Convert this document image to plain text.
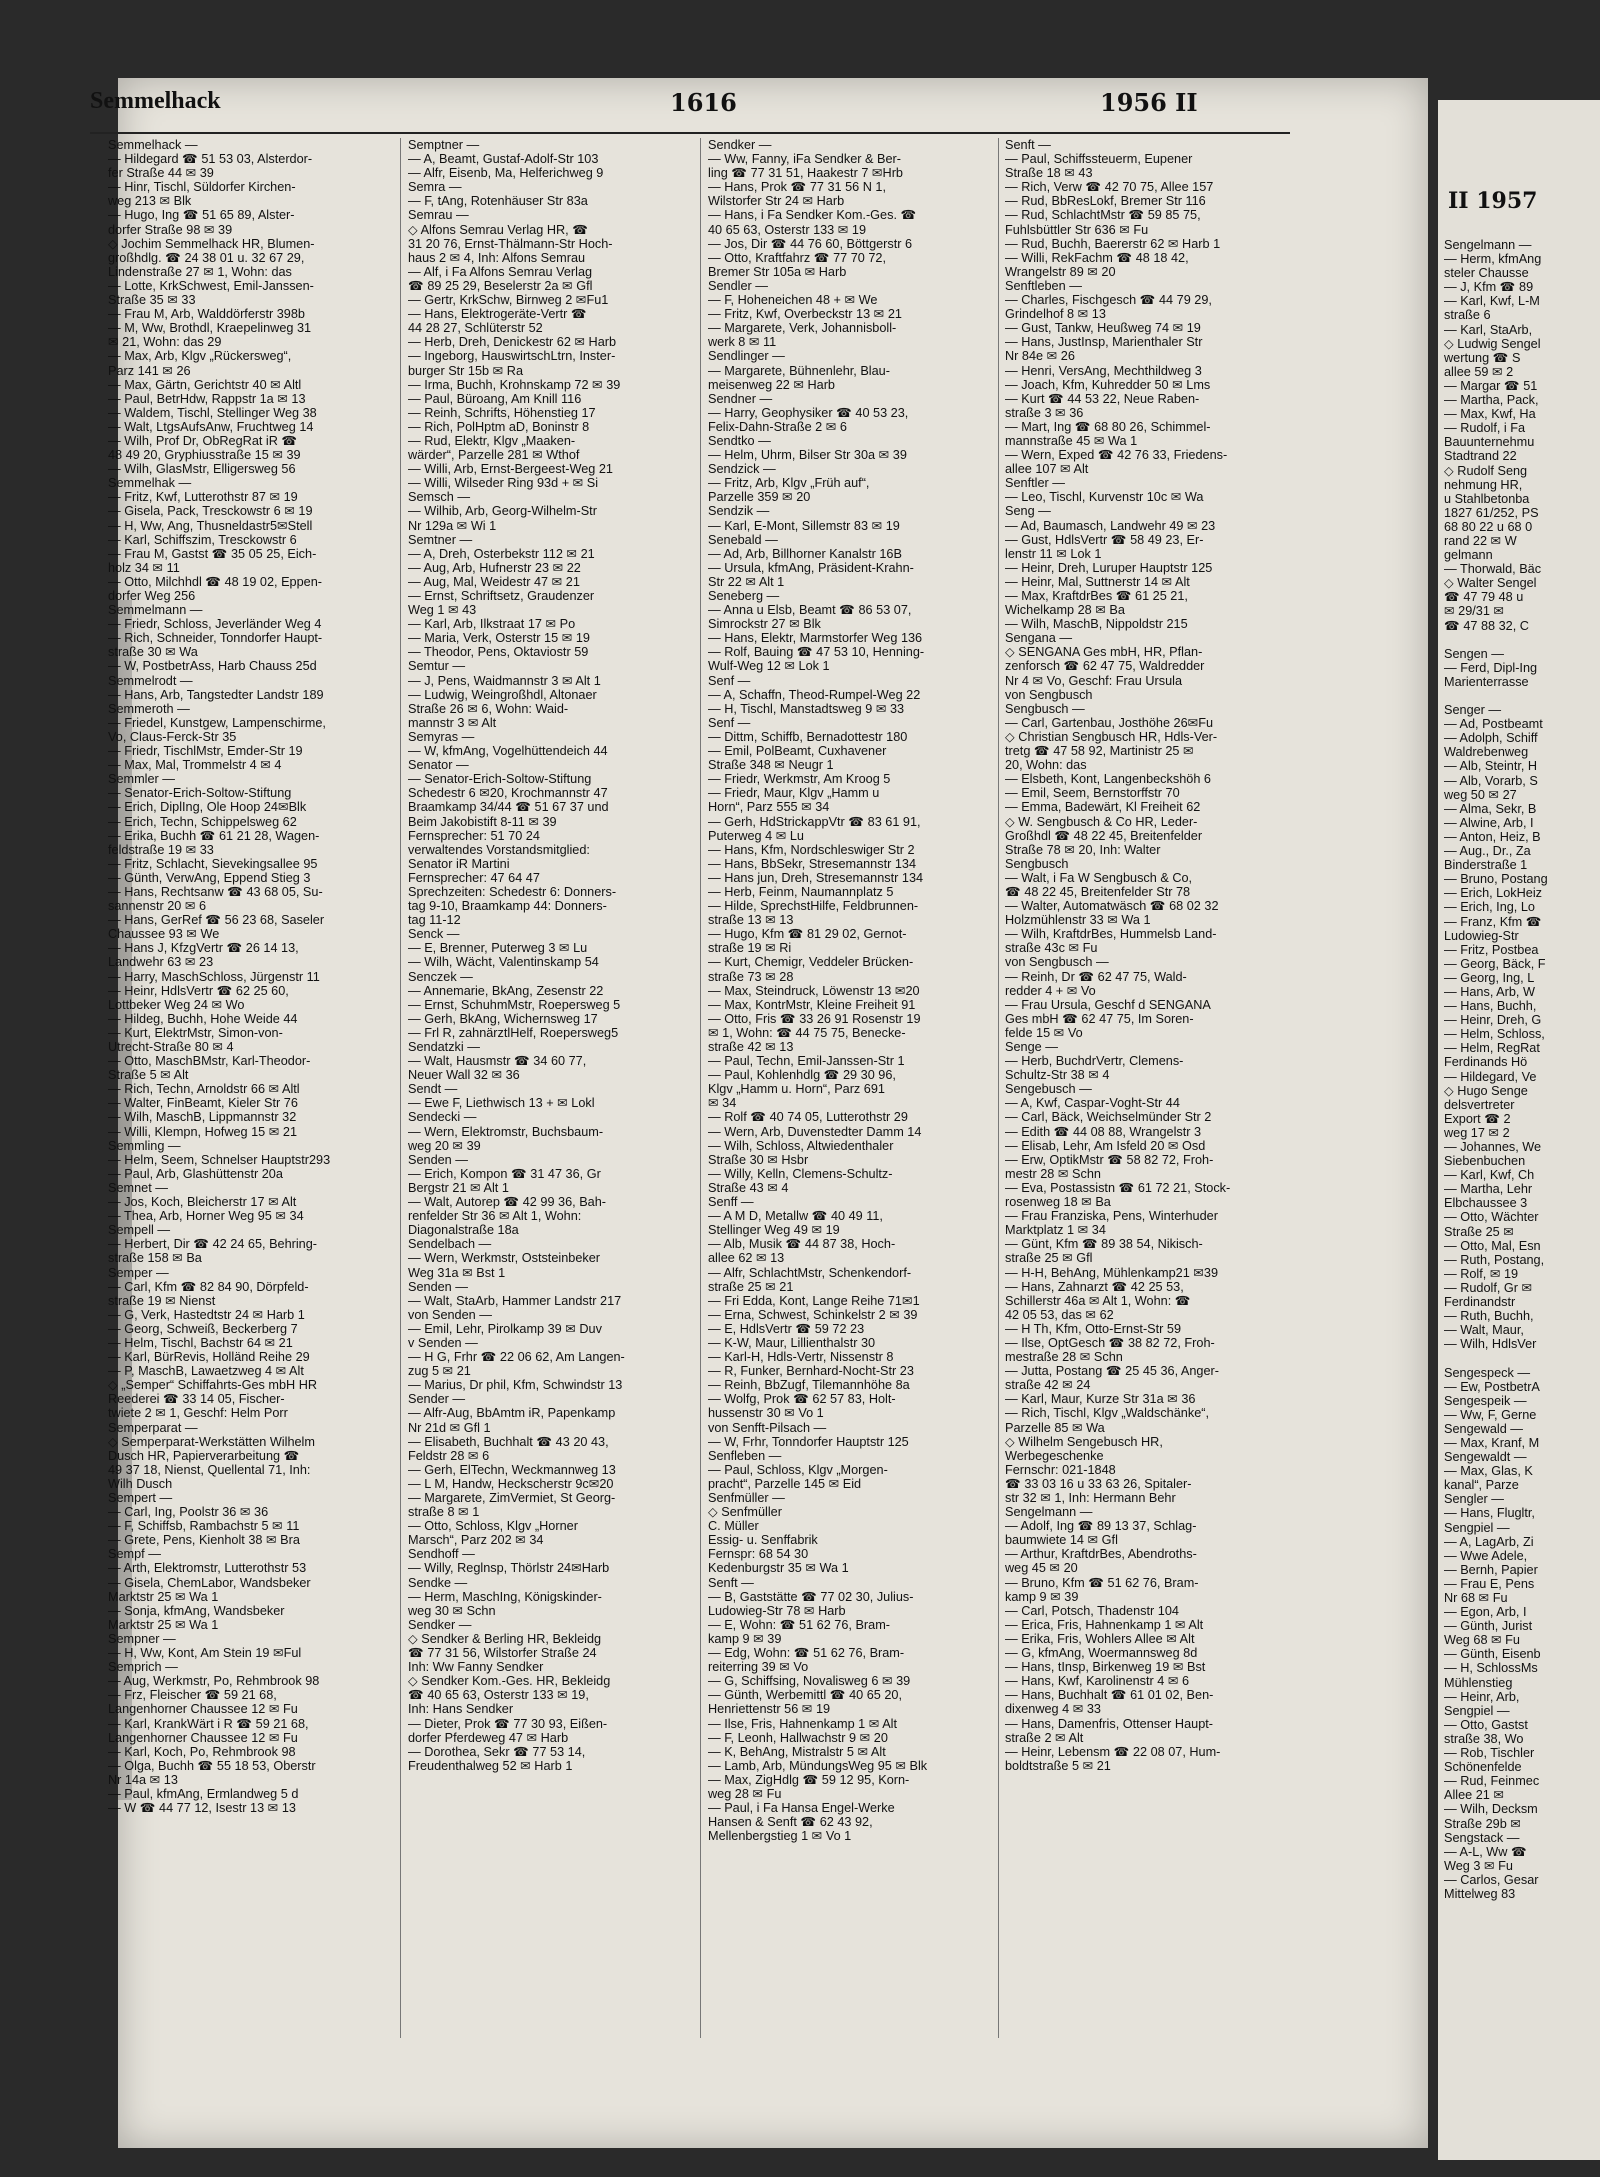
Semmelhack	1616	1956 II
Semmelhack —
— Hildegard ☎ 51 53 03, Alsterdor-
fer Straße 44 ✉ 39
— Hinr, Tischl, Süldorfer Kirchen-
weg 213 ✉ Blk
— Hugo, Ing ☎ 51 65 89, Alster-
dorfer Straße 98 ✉ 39
◇ Jochim Semmelhack HR, Blumen-
großhdlg. ☎ 24 38 01 u. 32 67 29,
Lindenstraße 27 ✉ 1, Wohn: das
— Lotte, KrkSchwest, Emil-Janssen-
Straße 35 ✉ 33
— Frau M, Arb, Walddörferstr 398b
— M, Ww, Brothdl, Kraepelinweg 31
✉ 21, Wohn: das 29
— Max, Arb, Klgv „Rückersweg“,
Parz 141 ✉ 26
— Max, Gärtn, Gerichtstr 40 ✉ Altl
— Paul, BetrHdw, Rappstr 1a ✉ 13
— Waldem, Tischl, Stellinger Weg 38
— Walt, LtgsAufsAnw, Fruchtweg 14
— Wilh, Prof Dr, ObRegRat iR ☎
48 49 20, Gryphiusstraße 15 ✉ 39
— Wilh, GlasMstr, Elligersweg 56
Semmelhak —
— Fritz, Kwf, Lutterothstr 87 ✉ 19
— Gisela, Pack, Tresckowstr 6 ✉ 19
— H, Ww, Ang, Thusneldastr5✉Stell
— Karl, Schiffszim, Tresckowstr 6
— Frau M, Gastst ☎ 35 05 25, Eich-
holz 34 ✉ 11
— Otto, Milchhdl ☎ 48 19 02, Eppen-
dorfer Weg 256
Semmelmann —
— Friedr, Schloss, Jeverländer Weg 4
— Rich, Schneider, Tonndorfer Haupt-
straße 30 ✉ Wa
— W, PostbetrAss, Harb Chauss 25d
Semmelrodt —
— Hans, Arb, Tangstedter Landstr 189
Semmeroth —
— Friedel, Kunstgew, Lampenschirme,
Vo, Claus-Ferck-Str 35
— Friedr, TischlMstr, Emder-Str 19
— Max, Mal, Trommelstr 4 ✉ 4
Semmler —
— Senator-Erich-Soltow-Stiftung
— Erich, DiplIng, Ole Hoop 24✉Blk
— Erich, Techn, Schippelsweg 62
— Erika, Buchh ☎ 61 21 28, Wagen-
feldstraße 19 ✉ 33
— Fritz, Schlacht, Sievekingsallee 95
— Günth, VerwAng, Eppend Stieg 3
— Hans, Rechtsanw ☎ 43 68 05, Su-
sannenstr 20 ✉ 6
— Hans, GerRef ☎ 56 23 68, Saseler
Chaussee 93 ✉ We
— Hans J, KfzgVertr ☎ 26 14 13,
Landwehr 63 ✉ 23
— Harry, MaschSchloss, Jürgenstr 11
— Heinr, HdlsVertr ☎ 62 25 60,
Lottbeker Weg 24 ✉ Wo
— Hildeg, Buchh, Hohe Weide 44
— Kurt, ElektrMstr, Simon-von-
Utrecht-Straße 80 ✉ 4
— Otto, MaschBMstr, Karl-Theodor-
Straße 5 ✉ Alt
— Rich, Techn, Arnoldstr 66 ✉ Altl
— Walter, FinBeamt, Kieler Str 76
— Wilh, MaschB, Lippmannstr 32
— Willi, Klempn, Hofweg 15 ✉ 21
Semmling —
— Helm, Seem, Schnelser Hauptstr293
— Paul, Arb, Glashüttenstr 20a
Semnet —
— Jos, Koch, Bleicherstr 17 ✉ Alt
— Thea, Arb, Horner Weg 95 ✉ 34
Sempell —
— Herbert, Dir ☎ 42 24 65, Behring-
straße 158 ✉ Ba
Semper —
— Carl, Kfm ☎ 82 84 90, Dörpfeld-
straße 19 ✉ Nienst
— G, Verk, Hastedtstr 24 ✉ Harb 1
— Georg, Schweiß, Beckerberg 7
— Helm, Tischl, Bachstr 64 ✉ 21
— Karl, BürRevis, Holländ Reihe 29
— P, MaschB, Lawaetzweg 4 ✉ Alt
◇ „Semper“ Schiffahrts-Ges mbH HR
Reederei ☎ 33 14 05, Fischer-
twiete 2 ✉ 1, Geschf: Helm Porr
Semperparat —
◇ Semperparat-Werkstätten Wilhelm
Dusch HR, Papierverarbeitung ☎
49 37 18, Nienst, Quellental 71, Inh:
Wilh Dusch
Sempert —
— Carl, Ing, Poolstr 36 ✉ 36
— F, Schiffsb, Rambachstr 5 ✉ 11
— Grete, Pens, Kienholt 38 ✉ Bra
Sempf —
— Arth, Elektromstr, Lutterothstr 53
— Gisela, ChemLabor, Wandsbeker
Marktstr 25 ✉ Wa 1
— Sonja, kfmAng, Wandsbeker
Marktstr 25 ✉ Wa 1
Sempner —
— H, Ww, Kont, Am Stein 19 ✉Ful
Semprich —
— Aug, Werkmstr, Po, Rehmbrook 98
— Frz, Fleischer ☎ 59 21 68,
Langenhorner Chaussee 12 ✉ Fu
— Karl, KrankWärt i R ☎ 59 21 68,
Langenhorner Chaussee 12 ✉ Fu
— Karl, Koch, Po, Rehmbrook 98
— Olga, Buchh ☎ 55 18 53, Oberstr
Nr 14a ✉ 13
— Paul, kfmAng, Ermlandweg 5 d
— W ☎ 44 77 12, Isestr 13 ✉ 13
Semptner —
— A, Beamt, Gustaf-Adolf-Str 103
— Alfr, Eisenb, Ma, Helferichweg 9
Semra —
— F, tAng, Rotenhäuser Str 83a
Semrau —
◇ Alfons Semrau Verlag HR, ☎
31 20 76, Ernst-Thälmann-Str Hoch-
haus 2 ✉ 4, Inh: Alfons Semrau
— Alf, i Fa Alfons Semrau Verlag
☎ 89 25 29, Beselerstr 2a ✉ Gfl
— Gertr, KrkSchw, Birnweg 2 ✉Fu1
— Hans, Elektrogeräte-Vertr ☎
44 28 27, Schlüterstr 52
— Herb, Dreh, Denickestr 62 ✉ Harb
— Ingeborg, HauswirtschLtrn, Inster-
burger Str 15b ✉ Ra
— Irma, Buchh, Krohnskamp 72 ✉ 39
— Paul, Büroang, Am Knill 116
— Reinh, Schrifts, Höhenstieg 17
— Rich, PolHptm aD, Boninstr 8
— Rud, Elektr, Klgv „Maaken-
wärder“, Parzelle 281 ✉ Wthof
— Willi, Arb, Ernst-Bergeest-Weg 21
— Willi, Wilseder Ring 93d + ✉ Si
Semsch —
— Wilhib, Arb, Georg-Wilhelm-Str
Nr 129a ✉ Wi 1
Semtner —
— A, Dreh, Osterbekstr 112 ✉ 21
— Aug, Arb, Hufnerstr 23 ✉ 22
— Aug, Mal, Weidestr 47 ✉ 21
— Ernst, Schriftsetz, Graudenzer
Weg 1 ✉ 43
— Karl, Arb, Ilkstraat 17 ✉ Po
— Maria, Verk, Osterstr 15 ✉ 19
— Theodor, Pens, Oktaviostr 59
Semtur —
— J, Pens, Waidmannstr 3 ✉ Alt 1
— Ludwig, Weingroßhdl, Altonaer
Straße 26 ✉ 6, Wohn: Waid-
mannstr 3 ✉ Alt
Semyras —
— W, kfmAng, Vogelhüttendeich 44
Senator —
— Senator-Erich-Soltow-Stiftung
Schedestr 6 ✉20, Krochmannstr 47
Braamkamp 34/44 ☎ 51 67 37 und
Beim Jakobistift 8-11 ✉ 39
Fernsprecher: 51 70 24
verwaltendes Vorstandsmitglied:
Senator iR Martini
Fernsprecher: 47 64 47
Sprechzeiten: Schedestr 6: Donners-
tag 9-10, Braamkamp 44: Donners-
tag 11-12
Senck —
— E, Brenner, Puterweg 3 ✉ Lu
— Wilh, Wächt, Valentinskamp 54
Senczek —
— Annemarie, BkAng, Zesenstr 22
— Ernst, SchuhmMstr, Roepersweg 5
— Gerh, BkAng, Wichernsweg 17
— Frl R, zahnärztlHelf, Roepersweg5
Sendatzki —
— Walt, Hausmstr ☎ 34 60 77,
Neuer Wall 32 ✉ 36
Sendt —
— Ewe F, Liethwisch 13 + ✉ Lokl
Sendecki —
— Wern, Elektromstr, Buchsbaum-
weg 20 ✉ 39
Senden —
— Erich, Kompon ☎ 31 47 36, Gr
Bergstr 21 ✉ Alt 1
— Walt, Autorep ☎ 42 99 36, Bah-
renfelder Str 36 ✉ Alt 1, Wohn:
Diagonalstraße 18a
Sendelbach —
— Wern, Werkmstr, Oststeinbeker
Weg 31a ✉ Bst 1
Senden —
— Walt, StaArb, Hammer Landstr 217
von Senden —
— Emil, Lehr, Pirolkamp 39 ✉ Duv
v Senden —
— H G, Frhr ☎ 22 06 62, Am Langen-
zug 5 ✉ 21
— Marius, Dr phil, Kfm, Schwindstr 13
Sender —
— Alfr-Aug, BbAmtm iR, Papenkamp
Nr 21d ✉ Gfl 1
— Elisabeth, Buchhalt ☎ 43 20 43,
Feldstr 28 ✉ 6
— Gerh, ElTechn, Weckmannweg 13
— L M, Handw, Heckscherstr 9c✉20
— Margarete, ZimVermiet, St Georg-
straße 8 ✉ 1
— Otto, Schloss, Klgv „Horner
Marsch“, Parz 202 ✉ 34
Sendhoff —
— Willy, Reglnsp, Thörlstr 24✉Harb
Sendke —
— Herm, MaschIng, Königskinder-
weg 30 ✉ Schn
Sendker —
◇ Sendker & Berling HR, Bekleidg
☎ 77 31 56, Wilstorfer Straße 24
Inh: Ww Fanny Sendker
◇ Sendker Kom.-Ges. HR, Bekleidg
☎ 40 65 63, Osterstr 133 ✉ 19,
Inh: Hans Sendker
— Dieter, Prok ☎ 77 30 93, Eißen-
dorfer Pferdeweg 47 ✉ Harb
— Dorothea, Sekr ☎ 77 53 14,
Freudenthalweg 52 ✉ Harb 1
Sendker —
— Ww, Fanny, iFa Sendker & Ber-
ling ☎ 77 31 51, Haakestr 7 ✉Hrb
— Hans, Prok ☎ 77 31 56 N 1,
Wilstorfer Str 24 ✉ Harb
— Hans, i Fa Sendker Kom.-Ges. ☎
40 65 63, Osterstr 133 ✉ 19
— Jos, Dir ☎ 44 76 60, Böttgerstr 6
— Otto, Kraftfahrz ☎ 77 70 72,
Bremer Str 105a ✉ Harb
Sendler —
— F, Hoheneichen 48 + ✉ We
— Fritz, Kwf, Overbeckstr 13 ✉ 21
— Margarete, Verk, Johannisboll-
werk 8 ✉ 11
Sendlinger —
— Margarete, Bühnenlehr, Blau-
meisenweg 22 ✉ Harb
Sendner —
— Harry, Geophysiker ☎ 40 53 23,
Felix-Dahn-Straße 2 ✉ 6
Sendtko —
— Helm, Uhrm, Bilser Str 30a ✉ 39
Sendzick —
— Fritz, Arb, Klgv „Früh auf“,
Parzelle 359 ✉ 20
Sendzik —
— Karl, E-Mont, Sillemstr 83 ✉ 19
Senebald —
— Ad, Arb, Billhorner Kanalstr 16B
— Ursula, kfmAng, Präsident-Krahn-
Str 22 ✉ Alt 1
Seneberg —
— Anna u Elsb, Beamt ☎ 86 53 07,
Simrockstr 27 ✉ Blk
— Hans, Elektr, Marmstorfer Weg 136
— Rolf, Bauing ☎ 47 53 10, Henning-
Wulf-Weg 12 ✉ Lok 1
Senf —
— A, Schaffn, Theod-Rumpel-Weg 22
— H, Tischl, Manstadtsweg 9 ✉ 33
Senf —
— Dittm, Schiffb, Bernadottestr 180
— Emil, PolBeamt, Cuxhavener
Straße 348 ✉ Neugr 1
— Friedr, Werkmstr, Am Kroog 5
— Friedr, Maur, Klgv „Hamm u
Horn“, Parz 555 ✉ 34
— Gerh, HdStrickappVtr ☎ 83 61 91,
Puterweg 4 ✉ Lu
— Hans, Kfm, Nordschleswiger Str 2
— Hans, BbSekr, Stresemannstr 134
— Hans jun, Dreh, Stresemannstr 134
— Herb, Feinm, Naumannplatz 5
— Hilde, SprechstHilfe, Feldbrunnen-
straße 13 ✉ 13
— Hugo, Kfm ☎ 81 29 02, Gernot-
straße 19 ✉ Ri
— Kurt, Chemigr, Veddeler Brücken-
straße 73 ✉ 28
— Max, Steindruck, Löwenstr 13 ✉20
— Max, KontrMstr, Kleine Freiheit 91
— Otto, Fris ☎ 33 26 91 Rosenstr 19
✉ 1, Wohn: ☎ 44 75 75, Benecke-
straße 42 ✉ 13
— Paul, Techn, Emil-Janssen-Str 1
— Paul, Kohlenhdlg ☎ 29 30 96,
Klgv „Hamm u. Horn“, Parz 691
✉ 34
— Rolf ☎ 40 74 05, Lutterothstr 29
— Wern, Arb, Duvenstedter Damm 14
— Wilh, Schloss, Altwiedenthaler
Straße 30 ✉ Hsbr
— Willy, Kelln, Clemens-Schultz-
Straße 43 ✉ 4
Senff —
— A M D, Metallw ☎ 40 49 11,
Stellinger Weg 49 ✉ 19
— Alb, Musik ☎ 44 87 38, Hoch-
allee 62 ✉ 13
— Alfr, SchlachtMstr, Schenkendorf-
straße 25 ✉ 21
— Fri Edda, Kont, Lange Reihe 71✉1
— Erna, Schwest, Schinkelstr 2 ✉ 39
— E, HdlsVertr ☎ 59 72 23
— K-W, Maur, Lillienthalstr 30
— Karl-H, Hdls-Vertr, Nissenstr 8
— R, Funker, Bernhard-Nocht-Str 23
— Reinh, BbZugf, Tilemannhöhe 8a
— Wolfg, Prok ☎ 62 57 83, Holt-
hussenstr 30 ✉ Vo 1
von Senfft-Pilsach —
— W, Frhr, Tonndorfer Hauptstr 125
Senfleben —
— Paul, Schloss, Klgv „Morgen-
pracht“, Parzelle 145 ✉ Eid
Senfmüller —
◇ Senfmüller
C. Müller
Essig- u. Senffabrik
Fernspr: 68 54 30
Kedenburgstr 35 ✉ Wa 1
Senft —
— B, Gaststätte ☎ 77 02 30, Julius-
Ludowieg-Str 78 ✉ Harb
— E, Wohn: ☎ 51 62 76, Bram-
kamp 9 ✉ 39
— Edg, Wohn: ☎ 51 62 76, Bram-
reiterring 39 ✉ Vo
— G, Schiffsing, Novalisweg 6 ✉ 39
— Günth, Werbemittl ☎ 40 65 20,
Henriettenstr 56 ✉ 19
— Ilse, Fris, Hahnenkamp 1 ✉ Alt
— F, Leonh, Hallwachstr 9 ✉ 20
— K, BehAng, Mistralstr 5 ✉ Alt
— Lamb, Arb, MündungsWeg 95 ✉ Blk
— Max, ZigHdlg ☎ 59 12 95, Korn-
weg 28 ✉ Fu
— Paul, i Fa Hansa Engel-Werke
Hansen & Senft ☎ 62 43 92,
Mellenbergstieg 1 ✉ Vo 1
Senft —
— Paul, Schiffssteuerm, Eupener
Straße 18 ✉ 43
— Rich, Verw ☎ 42 70 75, Allee 157
— Rud, BbResLokf, Bremer Str 116
— Rud, SchlachtMstr ☎ 59 85 75,
Fuhlsbüttler Str 636 ✉ Fu
— Rud, Buchh, Baererstr 62 ✉ Harb 1
— Willi, RekFachm ☎ 48 18 42,
Wrangelstr 89 ✉ 20
Senftleben —
— Charles, Fischgesch ☎ 44 79 29,
Grindelhof 8 ✉ 13
— Gust, Tankw, Heußweg 74 ✉ 19
— Hans, JustInsp, Marienthaler Str
Nr 84e ✉ 26
— Henri, VersAng, Mechthildweg 3
— Joach, Kfm, Kuhredder 50 ✉ Lms
— Kurt ☎ 44 53 22, Neue Raben-
straße 3 ✉ 36
— Mart, Ing ☎ 68 80 26, Schimmel-
mannstraße 45 ✉ Wa 1
— Wern, Exped ☎ 42 76 33, Friedens-
allee 107 ✉ Alt
Senftler —
— Leo, Tischl, Kurvenstr 10c ✉ Wa
Seng —
— Ad, Baumasch, Landwehr 49 ✉ 23
— Gust, HdlsVertr ☎ 58 49 23, Er-
lenstr 11 ✉ Lok 1
— Heinr, Dreh, Luruper Hauptstr 125
— Heinr, Mal, Suttnerstr 14 ✉ Alt
— Max, KraftdrBes ☎ 61 25 21,
Wichelkamp 28 ✉ Ba
— Wilh, MaschB, Nippoldstr 215
Sengana —
◇ SENGANA Ges mbH, HR, Pflan-
zenforsch ☎ 62 47 75, Waldredder
Nr 4 ✉ Vo, Geschf: Frau Ursula
von Sengbusch
Sengbusch —
— Carl, Gartenbau, Josthöhe 26✉Fu
◇ Christian Sengbusch HR, Hdls-Ver-
tretg ☎ 47 58 92, Martinistr 25 ✉
20, Wohn: das
— Elsbeth, Kont, Langenbeckshöh 6
— Emil, Seem, Bernstorffstr 70
— Emma, Badewärt, Kl Freiheit 62
◇ W. Sengbusch & Co HR, Leder-
Großhdl ☎ 48 22 45, Breitenfelder
Straße 78 ✉ 20, Inh: Walter
Sengbusch
— Walt, i Fa W Sengbusch & Co,
☎ 48 22 45, Breitenfelder Str 78
— Walter, Automatwäsch ☎ 68 02 32
Holzmühlenstr 33 ✉ Wa 1
— Wilh, KraftdrBes, Hummelsb Land-
straße 43c ✉ Fu
von Sengbusch —
— Reinh, Dr ☎ 62 47 75, Wald-
redder 4 + ✉ Vo
— Frau Ursula, Geschf d SENGANA
Ges mbH ☎ 62 47 75, Im Soren-
felde 15 ✉ Vo
Senge —
— Herb, BuchdrVertr, Clemens-
Schultz-Str 38 ✉ 4
Sengebusch —
— A, Kwf, Caspar-Voght-Str 44
— Carl, Bäck, Weichselmünder Str 2
— Edith ☎ 44 08 88, Wrangelstr 3
— Elisab, Lehr, Am Isfeld 20 ✉ Osd
— Erw, OptikMstr ☎ 58 82 72, Froh-
mestr 28 ✉ Schn
— Eva, Postassistn ☎ 61 72 21, Stock-
rosenweg 18 ✉ Ba
— Frau Franziska, Pens, Winterhuder
Marktplatz 1 ✉ 34
— Günt, Kfm ☎ 89 38 54, Nikisch-
straße 25 ✉ Gfl
— H-H, BehAng, Mühlenkamp21 ✉39
— Hans, Zahnarzt ☎ 42 25 53,
Schillerstr 46a ✉ Alt 1, Wohn: ☎
42 05 53, das ✉ 62
— H Th, Kfm, Otto-Ernst-Str 59
— Ilse, OptGesch ☎ 38 82 72, Froh-
mestraße 28 ✉ Schn
— Jutta, Postang ☎ 25 45 36, Anger-
straße 42 ✉ 24
— Karl, Maur, Kurze Str 31a ✉ 36
— Rich, Tischl, Klgv „Waldschänke“,
Parzelle 85 ✉ Wa
◇ Wilhelm Sengebusch HR,
Werbegeschenke
Fernschr: 021-1848
☎ 33 03 16 u 33 63 26, Spitaler-
str 32 ✉ 1, Inh: Hermann Behr
Sengelmann —
— Adolf, Ing ☎ 89 13 37, Schlag-
baumwiete 14 ✉ Gfl
— Arthur, KraftdrBes, Abendroths-
weg 45 ✉ 20
— Bruno, Kfm ☎ 51 62 76, Bram-
kamp 9 ✉ 39
— Carl, Potsch, Thadenstr 104
— Erica, Fris, Hahnenkamp 1 ✉ Alt
— Erika, Fris, Wohlers Allee ✉ Alt
— G, kfmAng, Woermannsweg 8d
— Hans, tInsp, Birkenweg 19 ✉ Bst
— Hans, Kwf, Karolinenstr 4 ✉ 6
— Hans, Buchhalt ☎ 61 01 02, Ben-
dixenweg 4 ✉ 33
— Hans, Damenfris, Ottenser Haupt-
straße 2 ✉ Alt
— Heinr, Lebensm ☎ 22 08 07, Hum-
boldtstraße 5 ✉ 21
II 1957
Sengelmann —
— Herm, kfmAng
steler Chausse
— J, Kfm ☎ 89
— Karl, Kwf, L-M
straße 6
— Karl, StaArb,
◇ Ludwig Sengel
wertung ☎ S
allee 59 ✉ 2
— Margar ☎ 51
— Martha, Pack,
— Max, Kwf, Ha
— Rudolf, i Fa
Bauunternehmu
Stadtrand 22
◇ Rudolf Seng
nehmung HR,
u Stahlbetonba
1827 61/252, PS
68 80 22 u 68 0
rand 22 ✉ W
gelmann
— Thorwald, Bäc
◇ Walter Sengel
☎ 47 79 48 u
✉ 29/31 ✉
☎ 47 88 32, C

Sengen —
— Ferd, Dipl-Ing
Marienterrasse

Senger —
— Ad, Postbeamt
— Adolph, Schiff
Waldrebenweg
— Alb, Steintr, H
— Alb, Vorarb, S
weg 50 ✉ 27
— Alma, Sekr, B
— Alwine, Arb, I
— Anton, Heiz, B
— Aug., Dr., Za
Binderstraße 1
— Bruno, Postang
— Erich, LokHeiz
— Erich, Ing, Lo
— Franz, Kfm ☎
Ludowieg-Str
— Fritz, Postbea
— Georg, Bäck, F
— Georg, Ing, L
— Hans, Arb, W
— Hans, Buchh,
— Heinr, Dreh, G
— Helm, Schloss,
— Helm, RegRat
Ferdinands Hö
— Hildegard, Ve
◇ Hugo Senge
delsvertreter
Export ☎ 2
weg 17 ✉ 2
— Johannes, We
Siebenbuchen
— Karl, Kwf, Ch
— Martha, Lehr
Elbchaussee 3
— Otto, Wächter
Straße 25 ✉
— Otto, Mal, Esn
— Ruth, Postang,
— Rolf, ✉ 19
— Rudolf, Gr ✉
Ferdinandstr
— Ruth, Buchh,
— Walt, Maur,
— Wilh, HdlsVer

Sengespeck —
— Ew, PostbetrA
Sengespeik —
— Ww, F, Gerne
Sengewald —
— Max, Kranf, M
Sengewaldt —
— Max, Glas, K
kanal“, Parze
Sengler —
— Hans, Flugltr,
Sengpiel —
— A, LagArb, Zi
— Wwe Adele,
— Bernh, Papier
— Frau E, Pens
Nr 68 ✉ Fu
— Egon, Arb, I
— Günth, Jurist
Weg 68 ✉ Fu
— Günth, Eisenb
— H, SchlossMs
Mühlenstieg
— Heinr, Arb,
Sengpiel —
— Otto, Gastst
straße 38, Wo
— Rob, Tischler
Schönenfelde
— Rud, Feinmec
Allee 21 ✉
— Wilh, Decksm
Straße 29b ✉
Sengstack —
— A-L, Ww ☎
Weg 3 ✉ Fu
— Carlos, Gesar
Mittelweg 83
